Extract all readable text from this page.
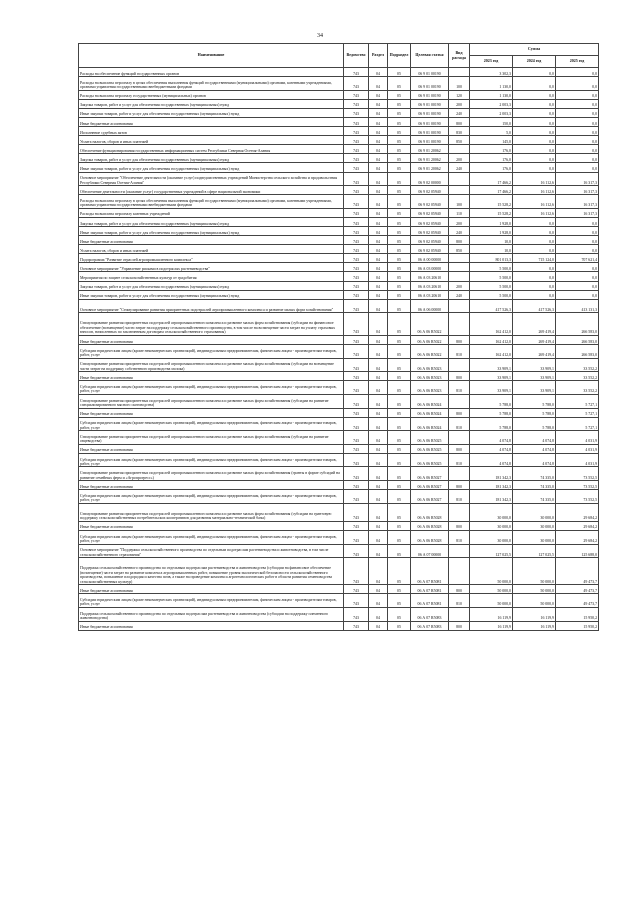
34
Наименование	Ведомство	Раздел	Подраздел	Целевая статья	Вид расхода	Сумма		
						2023 год	2024 год	2025 год
Расходы на обеспечение функций государственных органов	743	04	05	06 9 01 00190		3 302,3	0,0	0,0
Расходы на выплаты персоналу в целях обеспечения выполнения функций государственными (муниципальными) органами, казенными учреждениями, органами управления государственными внебюджетными фондами	743	04	05	06 9 01 00190	100	1 130,0	0,0	0,0
Расходы на выплаты персоналу государственных (муниципальных) органов	743	04	05	06 9 01 00190	120	1 130,0	0,0	0,0
Закупка товаров, работ и услуг для обеспечения государственных (муниципальных) нужд	743	04	05	06 9 01 00190	200	2 003,3	0,0	0,0
Иные закупки товаров, работ и услуг для обеспечения государственных (муниципальных) нужд	743	04	05	06 9 01 00190	240	2 003,3	0,0	0,0
Иные бюджетные ассигнования	743	04	05	06 9 01 00190	800	150,0	0,0	0,0
Исполнение судебных актов	743	04	05	06 9 01 00190	830	5,0	0,0	0,0
Уплата налогов, сборов и иных платежей	743	04	05	06 9 01 00190	850	145,0	0,0	0,0
Обеспечение функционирования государственных информационных систем Республики Северная Осетия-Алания	743	04	05	06 9 01 20062		176,0	0,0	0,0
Закупка товаров, работ и услуг для обеспечения государственных (муниципальных) нужд	743	04	05	06 9 01 20062	200	176,0	0,0	0,0
Иные закупки товаров, работ и услуг для обеспечения государственных (муниципальных) нужд	743	04	05	06 9 01 20062	240	176,0	0,0	0,0
Основное мероприятие "Обеспечение деятельности (оказание услуг) подведомственных учреждений Министерства сельского хозяйства и продовольствия Республики Северная Осетия-Алания"	743	04	05	06 9 02 00000		17 466,2	16 112,6	16 317,3
Обеспечение деятельности (оказание услуг) государственных учреждений в сфере национальной экономики	743	04	05	06 9 02 05940		17 466,2	16 112,6	16 317,3
Расходы на выплаты персоналу в целях обеспечения выполнения функций государственными (муниципальными) органами, казенными учреждениями, органами управления государственными внебюджетными фондами	743	04	05	06 9 02 05940	100	15 528,2	16 112,6	16 317,3
Расходы на выплаты персоналу казенных учреждений	743	04	05	06 9 02 05940	110	15 528,2	16 112,6	16 317,3
Закупка товаров, работ и услуг для обеспечения государственных (муниципальных) нужд	743	04	05	06 9 02 05940	200	1 928,0	0,0	0,0
Иные закупки товаров, работ и услуг для обеспечения государственных (муниципальных) нужд	743	04	05	06 9 02 05940	240	1 928,0	0,0	0,0
Иные бюджетные ассигнования	743	04	05	06 9 02 05940	800	10,0	0,0	0,0
Уплата налогов, сборов и иных платежей	743	04	05	06 9 02 05940	850	10,0	0,0	0,0
Подпрограмма "Развитие отраслей агропромышленного комплекса"	743	04	05	06 А 00 00000		801 013,3	715 124,0	707 621,4
Основное мероприятие "Управление рисками в подотраслях растениеводства"	743	04	05	06 А 03 00000		5 500,0	0,0	0,0
Мероприятия по защите сельскохозяйственных культур от градобития	743	04	05	06 А 03 20610		5 500,0	0,0	0,0
Закупка товаров, работ и услуг для обеспечения государственных (муниципальных) нужд	743	04	05	06 А 03 20610	200	5 500,0	0,0	0,0
Иные закупки товаров, работ и услуг для обеспечения государственных (муниципальных) нужд	743	04	05	06 А 03 20610	240	5 500,0	0,0	0,0
Основное мероприятие "Стимулирование развития приоритетных подотраслей агропромышленного комплекса и развитие малых форм хозяйствования"	743	04	05	06 А 06 00000		417 526,3	417 526,3	413 131,3
Стимулирование развития приоритетных подотраслей агропромышленного комплекса и развитие малых форм хозяйствования (субсидии на финансовое обеспечение (возмещение) части затрат на поддержку сельскохозяйственного производства, в том числе на возмещение части затрат на уплату страховых взносов, начисленных по заключенным договорам сельскохозяйственного страхования)	743	04	05	06 А 06 R5022		162 412,0	269 419,4	266 583,0
Иные бюджетные ассигнования	743	04	05	06 А 06 R5022	800	162 412,0	269 419,4	266 583,0
Субсидии юридическим лицам (кроме некоммерческих организаций), индивидуальным предпринимателям, физическим лицам - производителям товаров, работ, услуг	743	04	05	06 А 06 R5022	810	162 412,0	269 419,4	266 583,0
Стимулирование развития приоритетных подотраслей агропромышленного комплекса и развитие малых форм хозяйствования (субсидии на возмещение части затрат на поддержку собственного производства молока)	743	04	05	06 А 06 R5023		33 909,1	33 909,1	33 552,2
Иные бюджетные ассигнования	743	04	05	06 А 06 R5023	800	33 909,1	33 909,1	33 552,2
Субсидии юридическим лицам (кроме некоммерческих организаций), индивидуальным предпринимателям, физическим лицам - производителям товаров, работ, услуг	743	04	05	06 А 06 R5023	810	33 909,1	33 909,1	33 552,2
Стимулирование развития приоритетных подотраслей агропромышленного комплекса и развитие малых форм хозяйствования (субсидии на развитие специализированного мясного скотоводства)	743	04	05	06 А 06 R5024		5 788,0	5 788,0	5 727,1
Иные бюджетные ассигнования	743	04	05	06 А 06 R5024	800	5 788,0	5 788,0	5 727,1
Субсидии юридическим лицам (кроме некоммерческих организаций), индивидуальным предпринимателям, физическим лицам - производителям товаров, работ, услуг	743	04	05	06 А 06 R5024	810	5 788,0	5 788,0	5 727,1
Стимулирование развития приоритетных подотраслей агропромышленного комплекса и развитие малых форм хозяйствования (субсидии на развитие овцеводства)	743	04	05	06 А 06 R5025		4 074,8	4 074,8	4 031,9
Иные бюджетные ассигнования	743	04	05	06 А 06 R5025	800	4 074,8	4 074,8	4 031,9
Субсидии юридическим лицам (кроме некоммерческих организаций), индивидуальным предпринимателям, физическим лицам - производителям товаров, работ, услуг	743	04	05	06 А 06 R5025	810	4 074,8	4 074,8	4 031,9
Стимулирование развития приоритетных подотраслей агропромышленного комплекса и развитие малых форм хозяйствования (гранты в форме субсидий на развитие семейных ферм и «Агропрогресс»)	743	04	05	06 А 06 R5027		181 342,3	74 335,0	73 552,5
Иные бюджетные ассигнования	743	04	05	06 А 06 R5027	800	181 342,3	74 335,0	73 552,5
Субсидии юридическим лицам (кроме некоммерческих организаций), индивидуальным предпринимателям, физическим лицам - производителям товаров, работ, услуг	743	04	05	06 А 06 R5027	810	181 342,3	74 335,0	73 552,5
Стимулирование развития приоритетных подотраслей агропромышленного комплекса и развитие малых форм хозяйствования (субсидии на грантовую поддержку сельскохозяйственных потребительских кооперативов для развития материально-технической базы)	743	04	05	06 А 06 R5028		30 000,0	30 000,0	29 684,2
Иные бюджетные ассигнования	743	04	05	06 А 06 R5028	800	30 000,0	30 000,0	29 684,2
Субсидии юридическим лицам (кроме некоммерческих организаций), индивидуальным предпринимателям, физическим лицам - производителям товаров, работ, услуг	743	04	05	06 А 06 R5028	810	30 000,0	30 000,0	29 684,2
Основное мероприятие "Поддержка сельскохозяйственного производства по отдельным подотраслям растениеводства и животноводства, в том числе сельскохозяйственного страхования"	743	04	05	06 А 07 00000		127 025,5	127 025,5	125 688,0
Поддержка сельскохозяйственного производства по отдельным подотраслям растениеводства и животноводства (субсидии на финансовое обеспечение (возмещение) части затрат на развитие комплекса агропромышленных работ, повышение уровня экологической безопасности сельскохозяйственного производства, повышение плодородия и качества почв, а также на проведение комплекса агротехнологических работ в области развития семеноводства сельскохозяйственных культур)	743	04	05	06 А 07 R5081		50 000,0	50 000,0	49 473,7
Иные бюджетные ассигнования	743	04	05	06 А 07 R5081	800	50 000,0	50 000,0	49 473,7
Субсидии юридическим лицам (кроме некоммерческих организаций), индивидуальным предпринимателям, физическим лицам - производителям товаров, работ, услуг	743	04	05	06 А 07 R5081	810	50 000,0	50 000,0	49 473,7
Поддержка сельскохозяйственного производства по отдельным подотраслям растениеводства и животноводства (субсидии на поддержку племенного животноводства)	743	04	05	06 А 07 R5083		16 119,9	16 119,9	15 950,2
Иные бюджетные ассигнования	743	04	05	06 А 07 R5083	800	16 119,9	16 119,9	15 950,2
